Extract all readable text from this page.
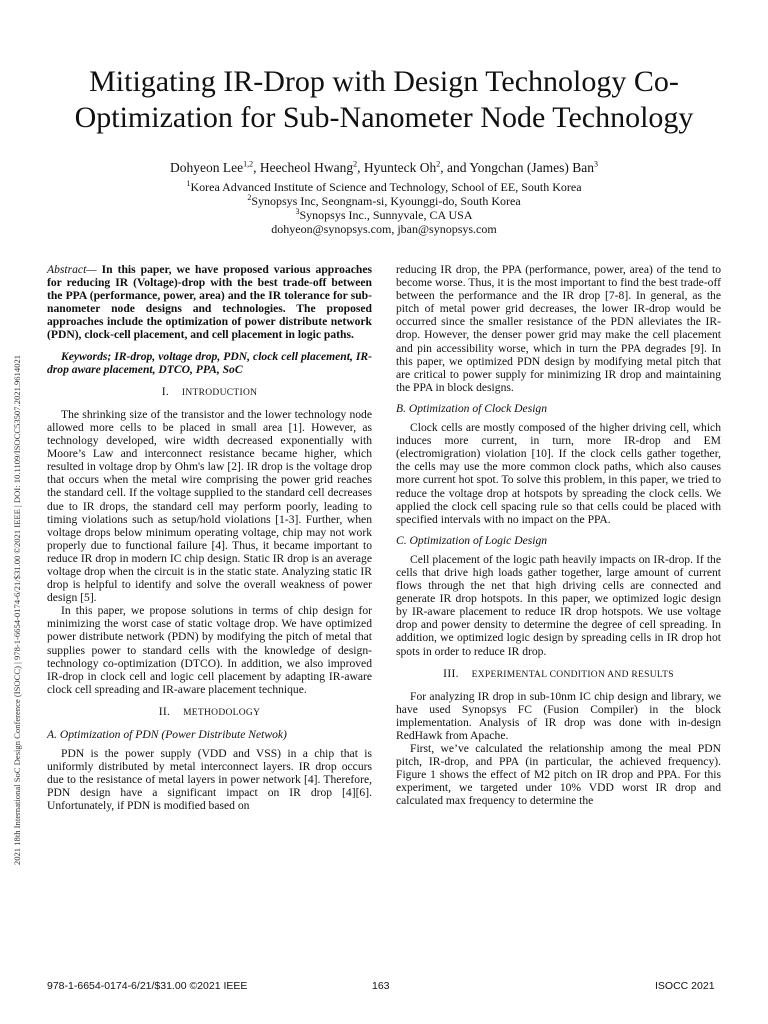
2021 18th International SoC Design Conference (ISOCC) | 978-1-6654-0174-6/21/$31.00 ©2021 IEEE | DOI: 10.1109/ISOCC53507.2021.9614021
Mitigating IR-Drop with Design Technology Co-Optimization for Sub-Nanometer Node Technology
Dohyeon Lee$^{1,2}$, Heecheol Hwang$^2$, Hyunteck Oh$^2$, and Yongchan (James) Ban$^3$
$^1$Korea Advanced Institute of Science and Technology, School of EE, South Korea
$^2$Synopsys Inc, Seongnam-si, Kyounggi-do, South Korea
$^3$Synopsys Inc., Sunnyvale, CA USA
dohyeon@synopsys.com, jban@synopsys.com

Abstract— In this paper, we have proposed various approaches for reducing IR (Voltage)-drop with the best trade-off between the PPA (performance, power, area) and the IR tolerance for sub-nanometer node designs and technologies. The proposed approaches include the optimization of power distribute network (PDN), clock-cell placement, and cell placement in logic paths.

Keywords; IR-drop, voltage drop, PDN, clock cell placement, IR-drop aware placement, DTCO, PPA, SoC

I. INTRODUCTION

The shrinking size of the transistor and the lower technology node allowed more cells to be placed in small area [1]. However, as technology developed, wire width decreased exponentially with Moore’s Law and interconnect resistance became higher, which resulted in voltage drop by Ohm's law [2]. IR drop is the voltage drop that occurs when the metal wire comprising the power grid reaches the standard cell. If the voltage supplied to the standard cell decreases due to IR drops, the standard cell may perform poorly, leading to timing violations such as setup/hold violations [1-3]. Further, when voltage drops below minimum operating voltage, chip may not work properly due to functional failure [4]. Thus, it became important to reduce IR drop in modern IC chip design. Static IR drop is an average voltage drop when the circuit is in the static state. Analyzing static IR drop is helpful to identify and solve the overall weakness of power design [5].

In this paper, we propose solutions in terms of chip design for minimizing the worst case of static voltage drop. We have optimized power distribute network (PDN) by modifying the pitch of metal that supplies power to standard cells with the knowledge of design-technology co-optimization (DTCO). In addition, we also improved IR-drop in clock cell and logic cell placement by adapting IR-aware clock cell spreading and IR-aware placement technique.

II. METHODOLOGY
A. Optimization of PDN (Power Distribute Netwok)

PDN is the power supply (VDD and VSS) in a chip that is uniformly distributed by metal interconnect layers. IR drop occurs due to the resistance of metal layers in power network [4]. Therefore, PDN design have a significant impact on IR drop [4][6]. Unfortunately, if PDN is modified based on

reducing IR drop, the PPA (performance, power, area) of the tend to become worse. Thus, it is the most important to find the best trade-off between the performance and the IR drop [7-8]. In general, as the pitch of metal power grid decreases, the lower IR-drop would be occurred since the smaller resistance of the PDN alleviates the IR-drop. However, the denser power grid may make the cell placement and pin accessibility worse, which in turn the PPA degrades [9]. In this paper, we optimized PDN design by modifying metal pitch that are critical to power supply for minimizing IR drop and maintaining the PPA in block designs.

B. Optimization of Clock Design

Clock cells are mostly composed of the higher driving cell, which induces more current, in turn, more IR-drop and EM (electromigration) violation [10]. If the clock cells gather together, the cells may use the more common clock paths, which also causes more current hot spot. To solve this problem, in this paper, we tried to reduce the voltage drop at hotspots by spreading the clock cells. We applied the clock cell spacing rule so that cells could be placed with specified intervals with no impact on the PPA.

C. Optimization of Logic Design

Cell placement of the logic path heavily impacts on IR-drop. If the cells that drive high loads gather together, large amount of current flows through the net that high driving cells are connected and generate IR drop hotspots. In this paper, we optimized logic design by IR-aware placement to reduce IR drop hotspots. We use voltage drop and power density to determine the degree of cell spreading. In addition, we optimized logic design by spreading cells in IR drop hot spots in order to reduce IR drop.

III. EXPERIMENTAL CONDITION AND RESULTS

For analyzing IR drop in sub-10nm IC chip design and library, we have used Synopsys FC (Fusion Compiler) in the block implementation. Analysis of IR drop was done with in-design RedHawk from Apache.

First, we’ve calculated the relationship among the meal PDN pitch, IR-drop, and PPA (in particular, the achieved frequency). Figure 1 shows the effect of M2 pitch on IR drop and PPA. For this experiment, we targeted under 10% VDD worst IR drop and calculated max frequency to determine the

978-1-6654-0174-6/21/$31.00 ©2021 IEEE	163	ISOCC 2021
